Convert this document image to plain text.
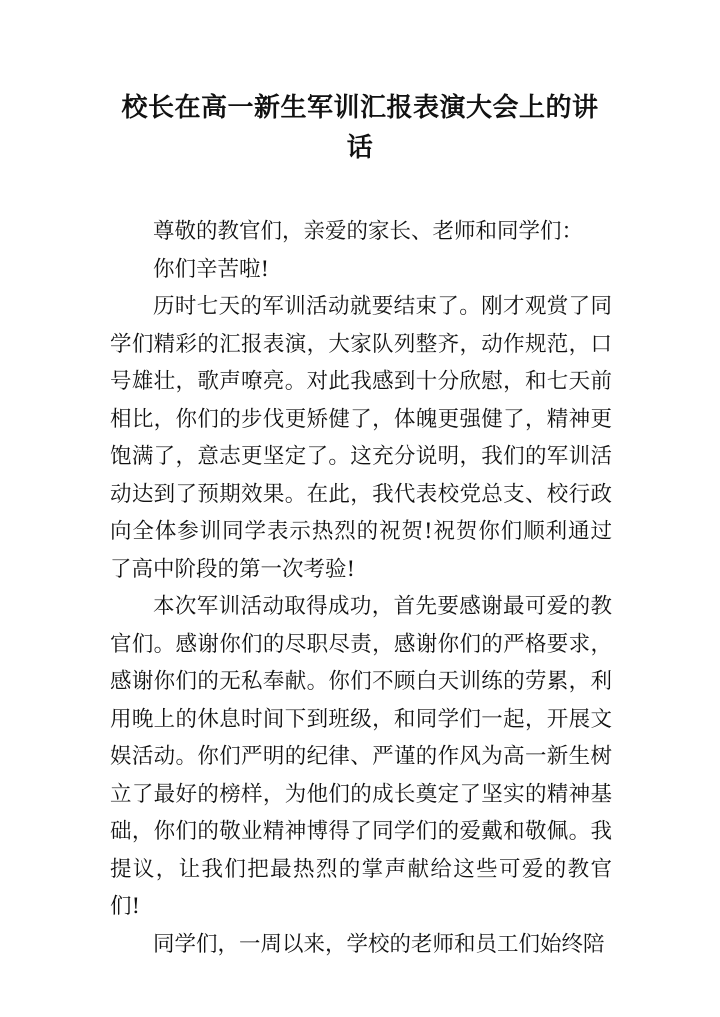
校长在高一新生军训汇报表演大会上的讲话

尊敬的教官们，亲爱的家长、老师和同学们：

你们辛苦啦!

历时七天的军训活动就要结束了。刚才观赏了同学们精彩的汇报表演，大家队列整齐，动作规范，口号雄壮，歌声嘹亮。对此我感到十分欣慰，和七天前相比，你们的步伐更矫健了，体魄更强健了，精神更饱满了，意志更坚定了。这充分说明，我们的军训活动达到了预期效果。在此，我代表校党总支、校行政向全体参训同学表示热烈的祝贺!祝贺你们顺利通过了高中阶段的第一次考验!

本次军训活动取得成功，首先要感谢最可爱的教官们。感谢你们的尽职尽责，感谢你们的严格要求，感谢你们的无私奉献。你们不顾白天训练的劳累，利用晚上的休息时间下到班级，和同学们一起，开展文娱活动。你们严明的纪律、严谨的作风为高一新生树立了最好的榜样，为他们的成长奠定了坚实的精神基础，你们的敬业精神博得了同学们的爱戴和敬佩。我提议，让我们把最热烈的掌声献给这些可爱的教官们!

同学们，一周以来，学校的老师和员工们始终陪
